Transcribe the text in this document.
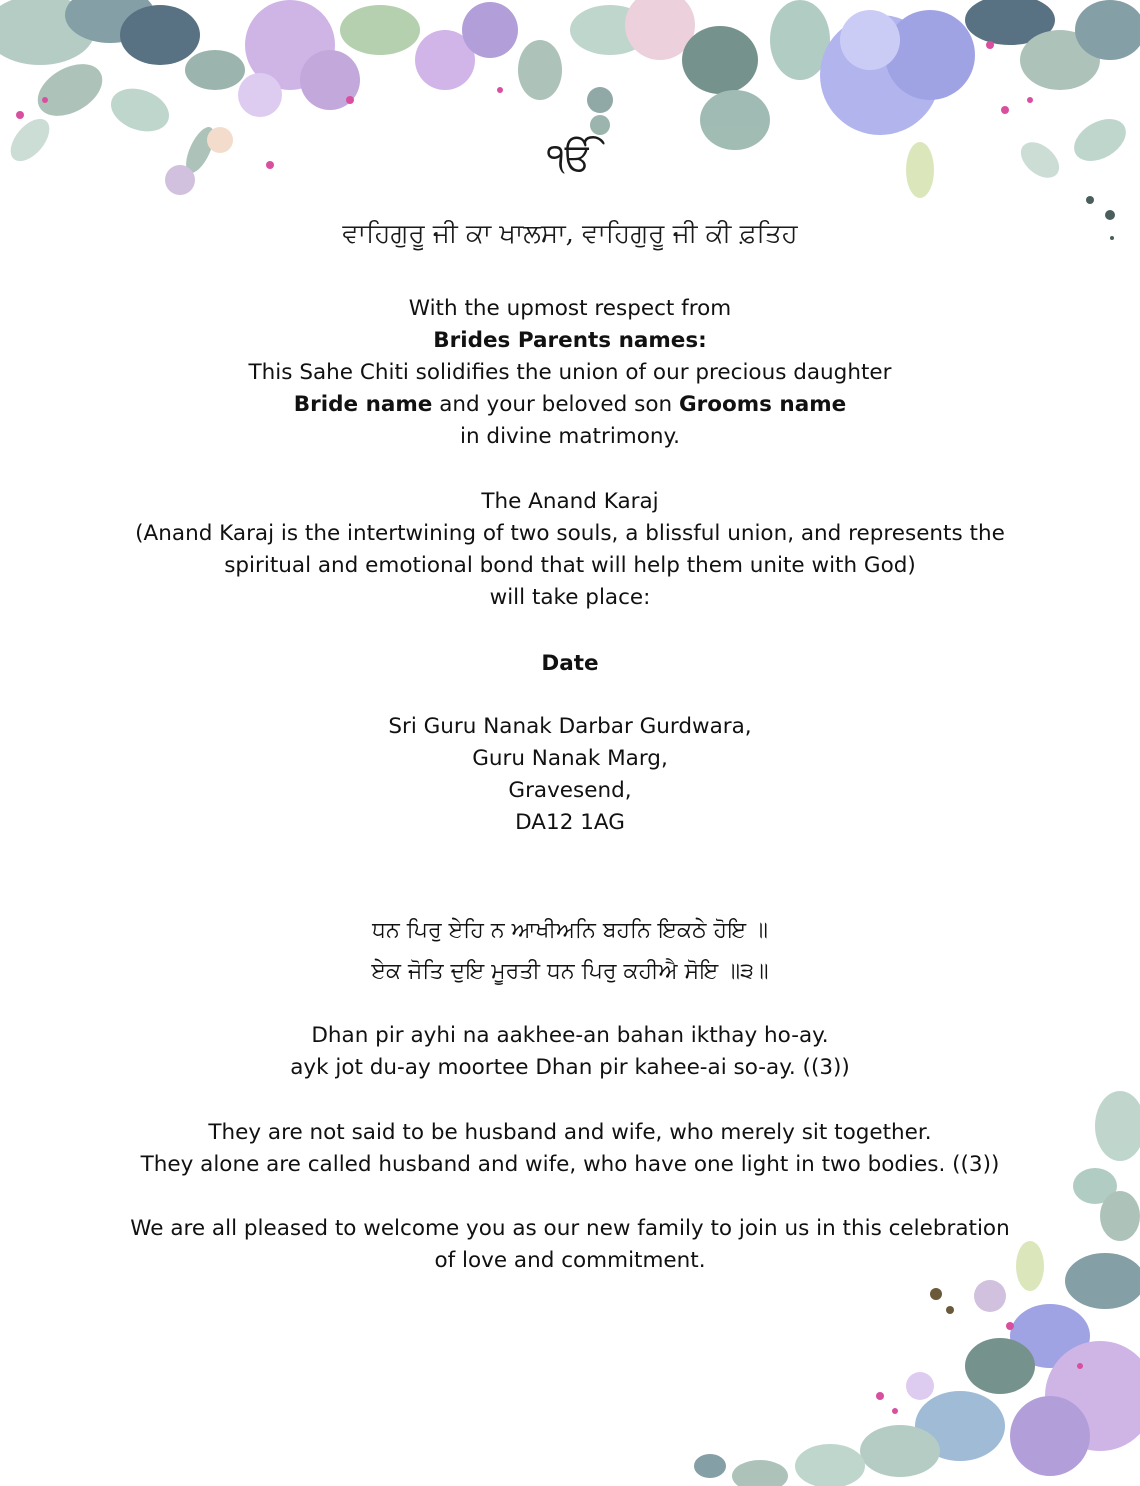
ੴ
ਵਾਹਿਗੁਰੂ ਜੀ ਕਾ ਖਾਲਸਾ, ਵਾਹਿਗੁਰੂ ਜੀ ਕੀ ਫ਼ਤਿਹ
With the upmost respect from
Brides Parents names:
This Sahe Chiti solidifies the union of our precious daughter
Bride name and your beloved son Grooms name
in divine matrimony.
The Anand Karaj
(Anand Karaj is the intertwining of two souls, a blissful union, and represents the
spiritual and emotional bond that will help them unite with God)
will take place:
Date
Sri Guru Nanak Darbar Gurdwara,
Guru Nanak Marg,
Gravesend,
DA12 1AG
ਧਨ ਪਿਰੁ ਏਹਿ ਨ ਆਖੀਅਨਿ ਬਹਨਿ ਇਕਠੇ ਹੋਇ ॥
ਏਕ ਜੋਤਿ ਦੁਇ ਮੂਰਤੀ ਧਨ ਪਿਰੁ ਕਹੀਐ ਸੋਇ ॥੩॥
Dhan pir ayhi na aakhee-an bahan ikthay ho-ay.
ayk jot du-ay moortee Dhan pir kahee-ai so-ay. ((3))
They are not said to be husband and wife, who merely sit together.
They alone are called husband and wife, who have one light in two bodies. ((3))
We are all pleased to welcome you as our new family to join us in this celebration
of love and commitment.
